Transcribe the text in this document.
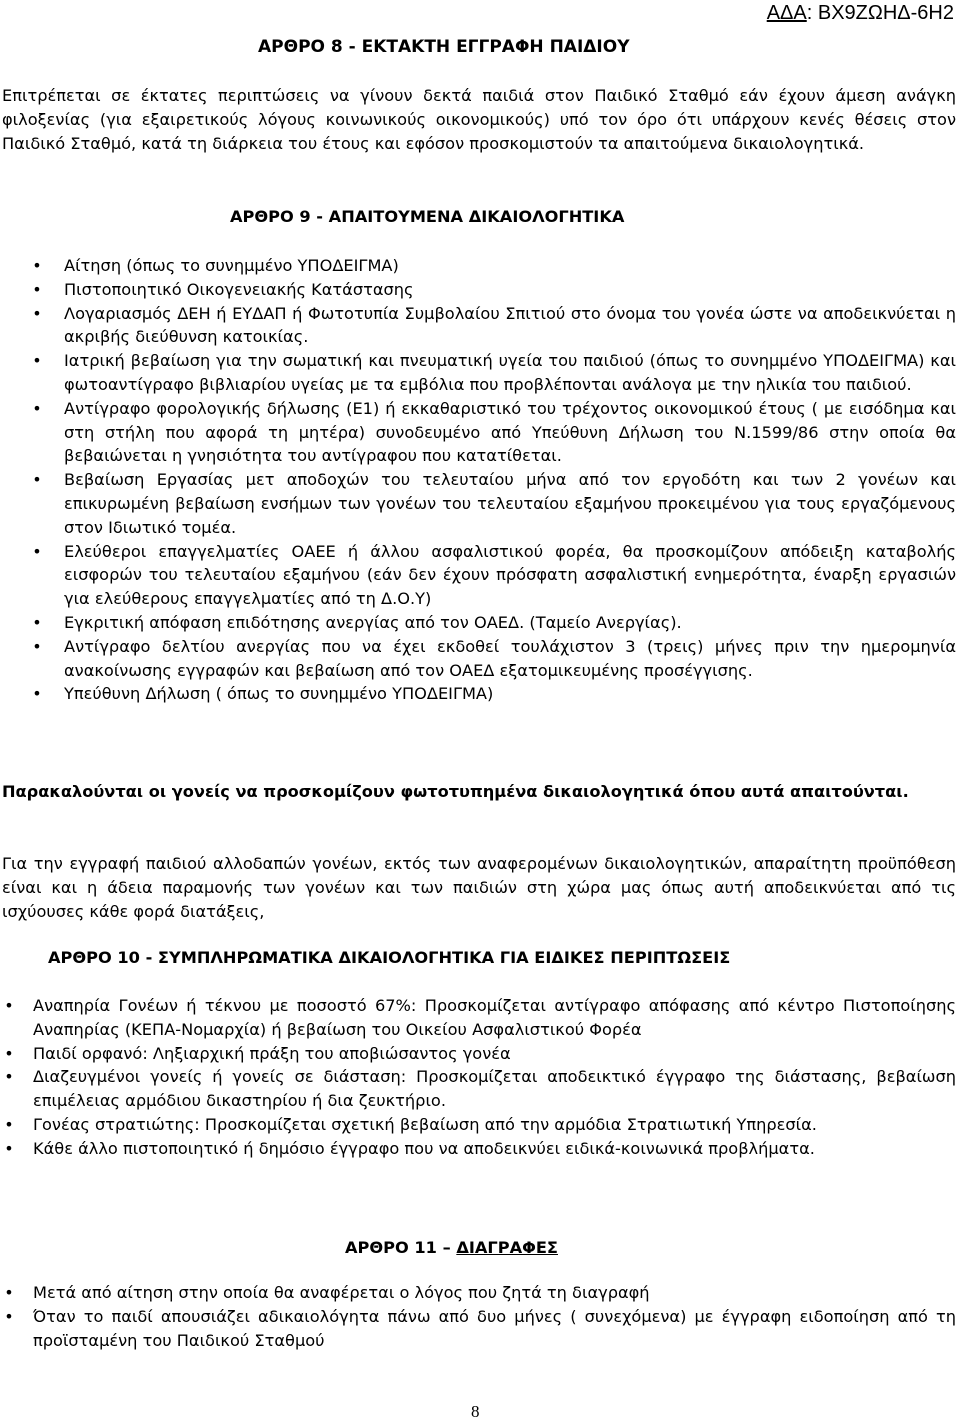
ΑΔΑ: ΒΧ9ΖΩΗΔ-6Η2

ΑΡΘΡΟ 8 - ΕΚΤΑΚΤΗ ΕΓΓΡΑΦΗ ΠΑΙΔΙΟΥ

Επιτρέπεται σε έκτατες περιπτώσεις να γίνουν δεκτά παιδιά στον Παιδικό Σταθμό εάν έχουν άμεση ανάγκη φιλοξενίας (για εξαιρετικούς λόγους κοινωνικούς οικονομικούς) υπό τον όρο ότι υπάρχουν κενές θέσεις στον Παιδικό Σταθμό, κατά τη διάρκεια του έτους και εφόσον προσκομιστούν τα απαιτούμενα δικαιολογητικά.

ΑΡΘΡΟ 9 - ΑΠΑΙΤΟΥΜΕΝΑ ΔΙΚΑΙΟΛΟΓΗΤΙΚΑ
• Αίτηση (όπως το συνημμένο ΥΠΟΔΕΙΓΜΑ)
• Πιστοποιητικό Οικογενειακής Κατάστασης
• Λογαριασμός ΔΕΗ ή ΕΥΔΑΠ ή Φωτοτυπία Συμβολαίου Σπιτιού στο όνομα του γονέα ώστε να αποδεικνύεται η ακριβής διεύθυνση κατοικίας.
• Ιατρική βεβαίωση για την σωματική και πνευματική υγεία του παιδιού (όπως το συνημμένο ΥΠΟΔΕΙΓΜΑ) και φωτοαντίγραφο βιβλιαρίου υγείας με τα εμβόλια που προβλέπονται ανάλογα με την ηλικία του παιδιού.
• Αντίγραφο φορολογικής δήλωσης (Ε1) ή εκκαθαριστικό του τρέχοντος οικονομικού έτους ( με εισόδημα και στη στήλη που αφορά τη μητέρα) συνοδευμένο από Υπεύθυνη Δήλωση του Ν.1599/86 στην οποία θα βεβαιώνεται η γνησιότητα του αντίγραφου που κατατίθεται.
• Βεβαίωση Εργασίας μετ αποδοχών του τελευταίου μήνα από τον εργοδότη και των 2 γονέων και επικυρωμένη βεβαίωση ενσήμων των γονέων του τελευταίου εξαμήνου προκειμένου για τους εργαζόμενους στον Ιδιωτικό τομέα.
• Ελεύθεροι επαγγελματίες ΟΑΕΕ ή άλλου ασφαλιστικού φορέα, θα προσκομίζουν απόδειξη καταβολής εισφορών του τελευταίου εξαμήνου (εάν δεν έχουν πρόσφατη ασφαλιστική ενημερότητα, έναρξη εργασιών για ελεύθερους επαγγελματίες από τη Δ.Ο.Υ)
• Εγκριτική απόφαση επιδότησης ανεργίας από τον ΟΑΕΔ. (Ταμείο Ανεργίας).
• Αντίγραφο δελτίου ανεργίας που να έχει εκδοθεί τουλάχιστον 3 (τρεις) μήνες πριν την ημερομηνία ανακοίνωσης εγγραφών και βεβαίωση από τον ΟΑΕΔ εξατομικευμένης προσέγγισης.
• Υπεύθυνη Δήλωση ( όπως το συνημμένο ΥΠΟΔΕΙΓΜΑ)

Παρακαλούνται οι γονείς να προσκομίζουν φωτοτυπημένα δικαιολογητικά όπου αυτά απαιτούνται.

Για την εγγραφή παιδιού αλλοδαπών γονέων, εκτός των αναφερομένων δικαιολογητικών, απαραίτητη προϋπόθεση είναι και η άδεια παραμονής των γονέων και των παιδιών στη χώρα μας όπως αυτή αποδεικνύεται από τις ισχύουσες κάθε φορά διατάξεις,

ΑΡΘΡΟ 10 - ΣΥΜΠΛΗΡΩΜΑΤΙΚΑ ΔΙΚΑΙΟΛΟΓΗΤΙΚΑ ΓΙΑ ΕΙΔΙΚΕΣ ΠΕΡΙΠΤΩΣΕΙΣ
• Αναπηρία Γονέων ή τέκνου με ποσοστό 67%: Προσκομίζεται αντίγραφο απόφασης από κέντρο Πιστοποίησης Αναπηρίας (ΚΕΠΑ-Νομαρχία) ή βεβαίωση του Οικείου Ασφαλιστικού Φορέα
• Παιδί ορφανό: Ληξιαρχική πράξη του αποβιώσαντος γονέα
• Διαζευγμένοι γονείς ή γονείς σε διάσταση: Προσκομίζεται αποδεικτικό έγγραφο της διάστασης, βεβαίωση επιμέλειας αρμόδιου δικαστηρίου ή δια ζευκτήριο.
• Γονέας στρατιώτης: Προσκομίζεται σχετική βεβαίωση από την αρμόδια Στρατιωτική Υπηρεσία.
• Κάθε άλλο πιστοποιητικό ή δημόσιο έγγραφο που να αποδεικνύει ειδικά-κοινωνικά προβλήματα.
ΑΡΘΡΟ 11 – ΔΙΑΓΡΑΦΕΣ
• Μετά από αίτηση στην οποία θα αναφέρεται ο λόγος που ζητά τη διαγραφή
• Όταν το παιδί απουσιάζει αδικαιολόγητα πάνω από δυο μήνες ( συνεχόμενα) με έγγραφη ειδοποίηση από τη προϊσταμένη του Παιδικού Σταθμού

8
